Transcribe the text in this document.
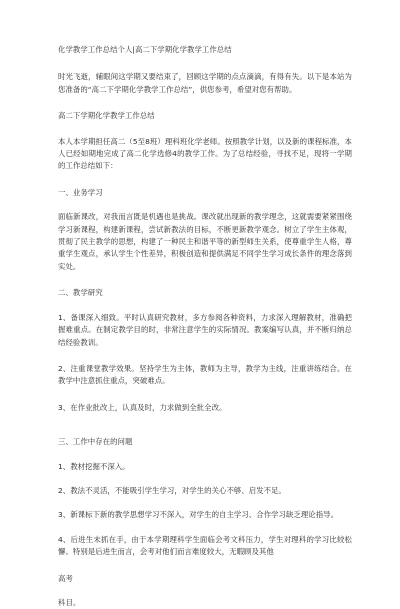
化学教学工作总结个人|高二下学期化学教学工作总结
时光飞逝，辅眼间这学期又要结束了，回顾这学期的点点滴滴，有得有失。以下是本站为您准备的“高二下学期化学教学工作总结”，供您参考，希望对您有帮助。
高二下学期化学教学工作总结
本人本学期担任高二（5至8班）理科班化学老师。按照教学计划，以及新的课程标准，本人已经如期地完成了高二化学选修4的教学工作。为了总结经验，寻找不足，现将一学期的工作总结如下：
一、业务学习
面临新课改，对我而言既是机遇也是挑战。课改就出现新的教学理念，这就需要紧紧围绕学习新课程，构建新课程，尝试新教法的目标，不断更新教学观念。树立了学生主体观，贯彻了民主教学的思想，构建了一种民主和谐平等的新型师生关系，使尊重学生人格，尊重学生观点，承认学生个性差异，积极创造和提供满足不同学生学习成长条件的理念落到实处。
二、教学研究
1、备课深入细致。平时认真研究教材，多方参阅各种资料，力求深入理解教材，准确把握难重点。在制定教学目的时，非常注意学生的实际情况。教案编写认真，并不断归纳总结经验教训。
2、注重课堂教学效果。坚持学生为主体，教师为主导，教学为主线，注重讲练结合。在教学中注意抓住重点，突破难点。
3、在作业批改上，认真及时，力求做到全批全改。
三、工作中存在的问题
1、教材挖掘不深入。
2、教法不灵活，不能吸引学生学习，对学生的关心不够、启发不足。
3、新课标下新的教学思想学习不深入，对学生的自主学习、合作学习缺乏理论指导。
4、后进生未抓在手，由于本学期理科学生面临会考文科压力，学生对理科的学习比较松懈。特别是后进生而言，会考对他们而言难度较大，无暇顾及其他
高考
科目。
